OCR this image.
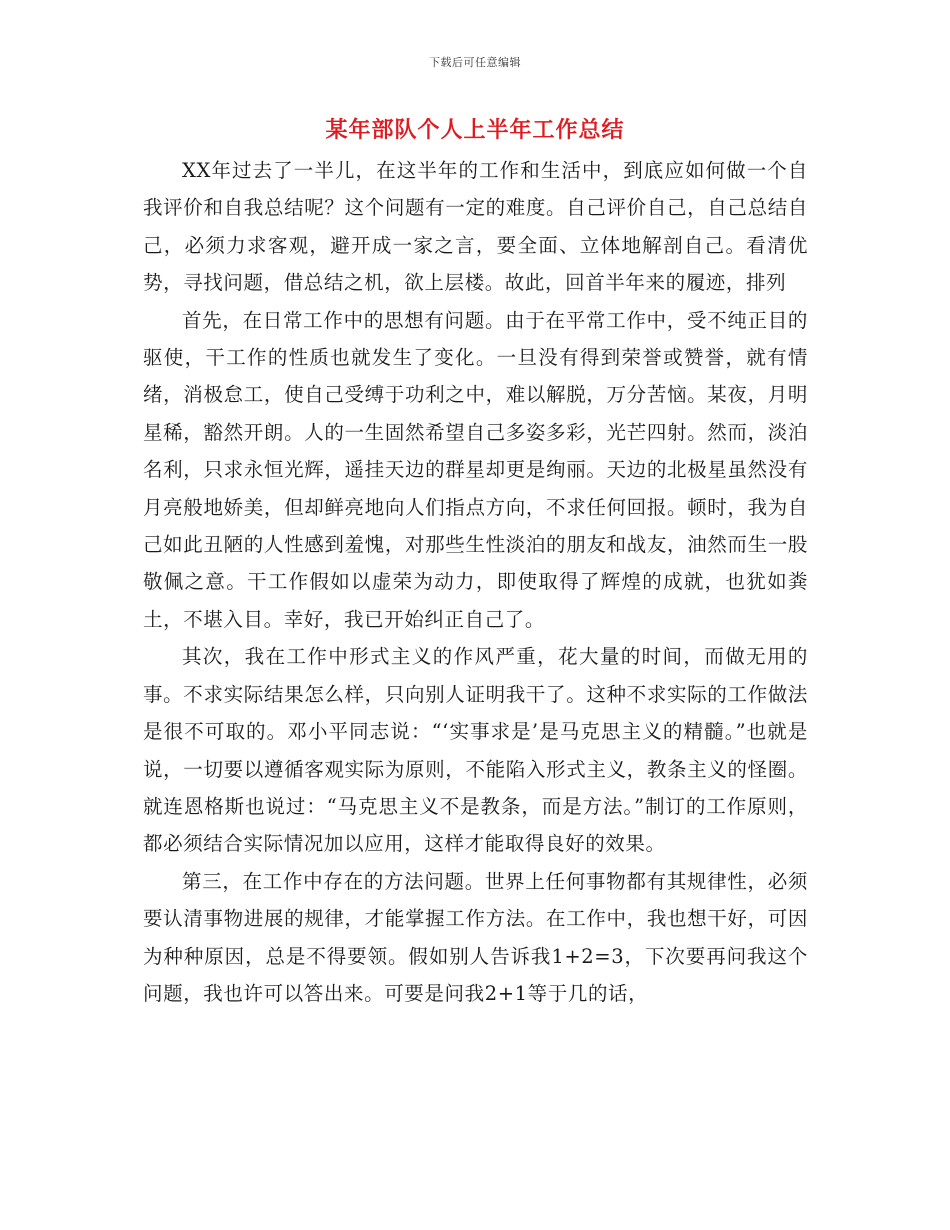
下载后可任意编辑
某年部队个人上半年工作总结

XX年过去了一半儿，在这半年的工作和生活中，到底应如何做一个自我评价和自我总结呢？这个问题有一定的难度。自己评价自己，自己总结自己，必须力求客观，避开成一家之言，要全面、立体地解剖自己。看清优势，寻找问题，借总结之机，欲上层楼。故此，回首半年来的履迹，排列

首先，在日常工作中的思想有问题。由于在平常工作中，受不纯正目的驱使，干工作的性质也就发生了变化。一旦没有得到荣誉或赞誉，就有情绪，消极怠工，使自己受缚于功利之中，难以解脱，万分苦恼。某夜，月明星稀，豁然开朗。人的一生固然希望自己多姿多彩，光芒四射。然而，淡泊名利，只求永恒光辉，遥挂天边的群星却更是绚丽。天边的北极星虽然没有月亮般地娇美，但却鲜亮地向人们指点方向，不求任何回报。顿时，我为自己如此丑陋的人性感到羞愧，对那些生性淡泊的朋友和战友，油然而生一股敬佩之意。干工作假如以虚荣为动力，即使取得了辉煌的成就，也犹如粪土，不堪入目。幸好，我已开始纠正自己了。

其次，我在工作中形式主义的作风严重，花大量的时间，而做无用的事。不求实际结果怎么样，只向别人证明我干了。这种不求实际的工作做法是很不可取的。邓小平同志说：“‘实事求是’是马克思主义的精髓。”也就是说，一切要以遵循客观实际为原则，不能陷入形式主义，教条主义的怪圈。就连恩格斯也说过：“马克思主义不是教条，而是方法。”制订的工作原则，都必须结合实际情况加以应用，这样才能取得良好的效果。

第三，在工作中存在的方法问题。世界上任何事物都有其规律性，必须要认清事物进展的规律，才能掌握工作方法。在工作中，我也想干好，可因为种种原因，总是不得要领。假如别人告诉我1+2=3，下次要再问我这个问题，我也许可以答出来。可要是问我2+1等于几的话，
